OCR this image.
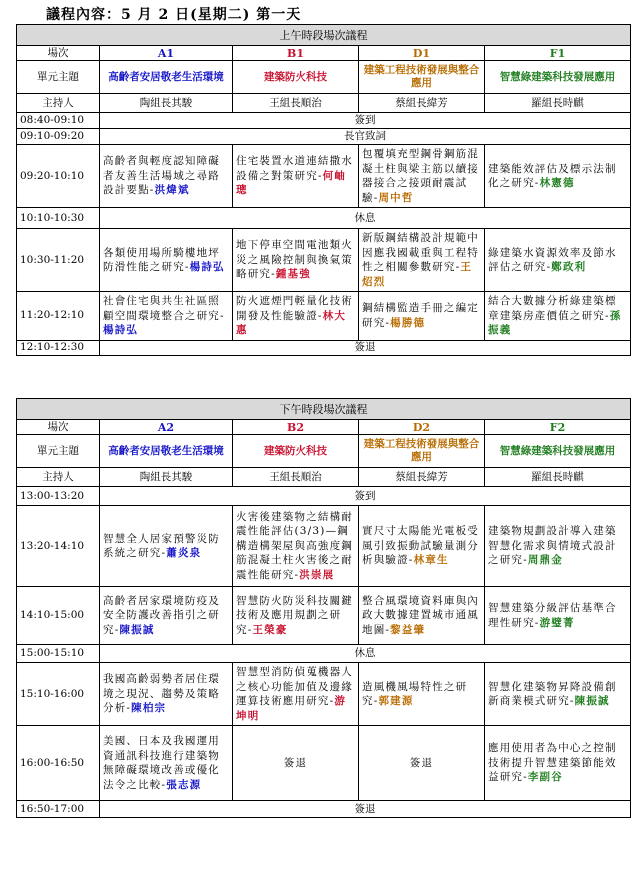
議程內容：5 月 2 日(星期二) 第一天
上午時段場次議程				
場次	A1	B1	D1	F1
單元主題	高齡者安居敬老生活環境	建築防火科技	建築工程技術發展與整合應用	智慧綠建築科技發展應用
主持人	陶組長其駿	王組長順治	蔡組長緯芳	羅組長時麒
08:40-09:10	簽到			
09:10-09:20	長官致詞			
09:20-10:10	高齡者與輕度認知障礙者友善生活場域之尋路設計要點-洪煒斌	住宅裝置水道連結撒水設備之對策研究-何岫璁	包覆填充型鋼骨鋼筋混凝土柱與梁主筋以續接器接合之接頭耐震試驗-周中哲	建築能效評估及標示法制化之研究-林憲德
10:10-10:30	休息			
10:30-11:20	各類使用場所騎樓地坪防滑性能之研究-楊詩弘	地下停車空間電池類火災之風險控制與換氣策略研究-鍾基強	新版鋼結構設計規範中因應我國載重與工程特性之相關參數研究-王炤烈	綠建築水資源效率及節水評估之研究-鄭政利
11:20-12:10	社會住宅與共生社區照顧空間環境整合之研究-楊詩弘	防火遮煙門輕量化技術開發及性能驗證-林大惠	鋼結構監造手冊之編定研究-楊勝德	結合大數據分析綠建築標章建築房產價值之研究-孫振義
12:10-12:30	簽退			
下午時段場次議程				
場次	A2	B2	D2	F2
單元主題	高齡者安居敬老生活環境	建築防火科技	建築工程技術發展與整合應用	智慧綠建築科技發展應用
主持人	陶組長其駿	王組長順治	蔡組長緯芳	羅組長時麒
13:00-13:20	簽到			
13:20-14:10	智慧全人居家預警災防系統之研究-蕭炎泉	火害後建築物之結構耐震性能評估(3/3)—鋼構造構架屋與高強度鋼筋混凝土柱火害後之耐震性能研究-洪崇展	實尺寸太陽能光電板受風引致振動試驗量測分析與驗證-林章生	建築物規劃設計導入建築智慧化需求與情境式設計之研究-周鼎金
14:10-15:00	高齡者居家環境防疫及安全防護改善指引之研究-陳振誠	智慧防火防災科技關鍵技術及應用規劃之研究-王榮豪	整合風環境資料庫與內政大數據建置城市通風地圖-黎益肇	智慧建築分級評估基準合理性研究-游璧菁
15:00-15:10	休息			
15:10-16:00	我國高齡弱勢者居住環境之現況、趨勢及策略分析-陳柏宗	智慧型消防偵蒐機器人之核心功能加值及邊緣運算技術應用研究-游坤明	造風機風場特性之研究-郭建源	智慧化建築物昇降設備創新商業模式研究-陳振誠
16:00-16:50	美國、日本及我國運用資通訊科技進行建築物無障礙環境改善或優化法令之比較-張志源	簽退	簽退	應用使用者為中心之控制技術提升智慧建築節能效益研究-李副谷
16:50-17:00	簽退			
